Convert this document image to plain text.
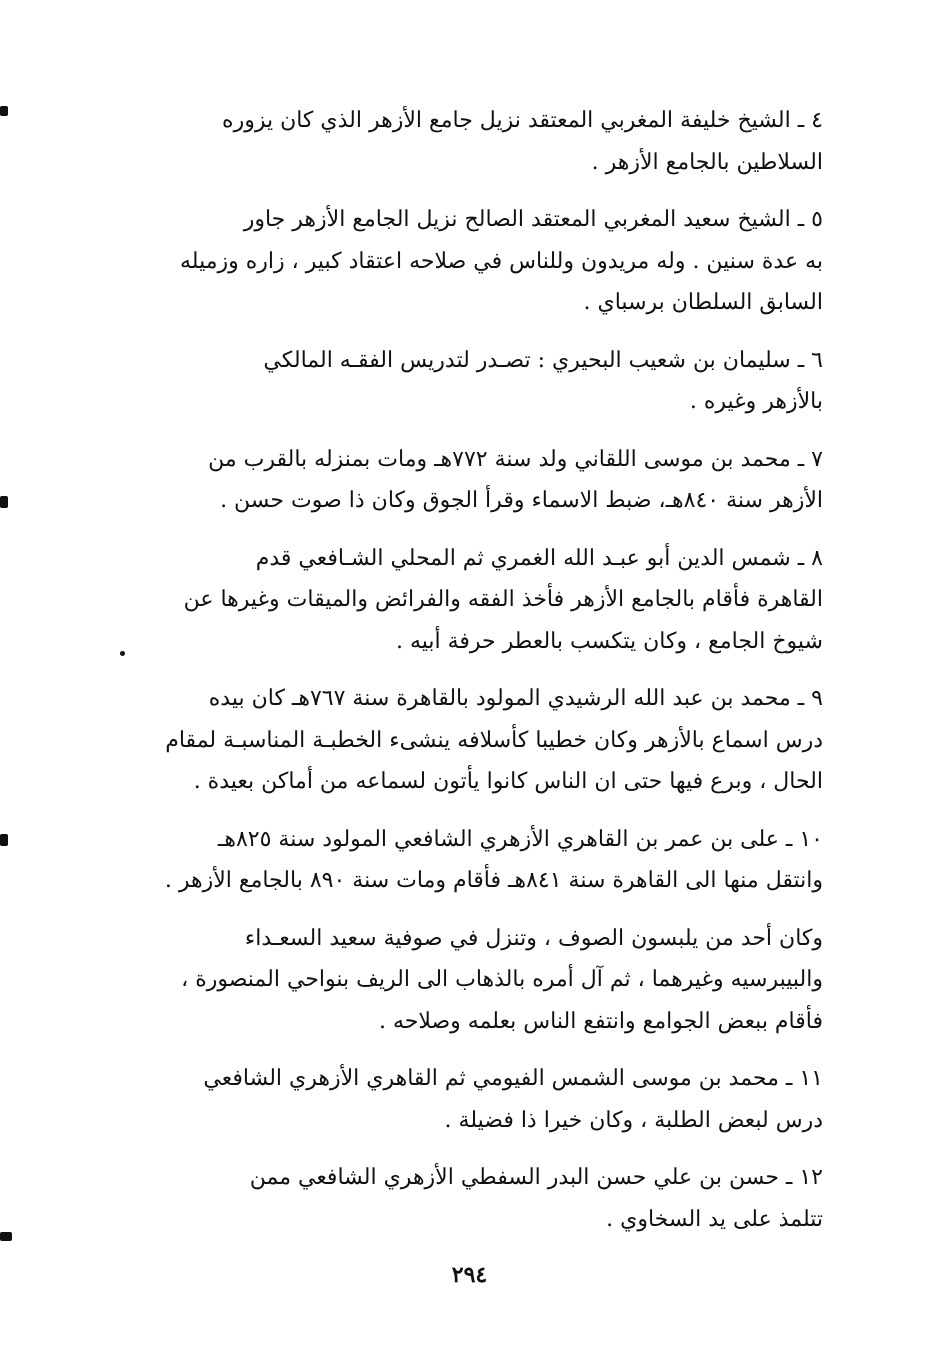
٤ ـ الشيخ خليفة المغربي المعتقد نزيل جامع الأزهر الذي كان يزوره
السلاطين بالجامع الأزهر .

٥ ـ الشيخ سعيد المغربي المعتقد الصالح نزيل الجامع الأزهر جاور
به عدة سنين . وله مريدون وللناس في صلاحه اعتقاد كبير ، زاره وزميله
السابق السلطان برسباي .

٦ ـ سليمان بن شعيب البحيري : تصـدر لتدريس الفقـه المالكي
بالأزهر وغيره .

٧ ـ محمد بن موسى اللقاني ولد سنة ٧٧٢هـ ومات بمنزله بالقرب من
الأزهر سنة ٨٤٠هـ، ضبط الاسماء وقرأ الجوق وكان ذا صوت حسن .

٨ ـ شمس الدين أبو عبـد الله الغمري ثم المحلي الشـافعي قدم
القاهرة فأقام بالجامع الأزهر فأخذ الفقه والفرائض والميقات وغيرها عن
شيوخ الجامع ، وكان يتكسب بالعطر حرفة أبيه .

٩ ـ محمد بن عبد الله الرشيدي المولود بالقاهرة سنة ٧٦٧هـ كان بيده
درس اسماع بالأزهر وكان خطيبا كأسلافه ينشىء الخطبـة المناسبـة لمقام
الحال ، وبرع فيها حتى ان الناس كانوا يأتون لسماعه من أماكن بعيدة .

١٠ ـ على بن عمر بن القاهري الأزهري الشافعي المولود سنة ٨٢٥هـ
وانتقل منها الى القاهرة سنة ٨٤١هـ فأقام ومات سنة ٨٩٠ بالجامع الأزهر .

وكان أحد من يلبسون الصوف ، وتنزل في صوفية سعيد السعـداء
والبيبرسيه وغيرهما ، ثم آل أمره بالذهاب الى الريف بنواحي المنصورة ،
فأقام ببعض الجوامع وانتفع الناس بعلمه وصلاحه .

١١ ـ محمد بن موسى الشمس الفيومي ثم القاهري الأزهري الشافعي
درس لبعض الطلبة ، وكان خيرا ذا فضيلة .

١٢ ـ حسن بن علي حسن البدر السفطي الأزهري الشافعي ممن
تتلمذ على يد السخاوي .

٢٩٤
